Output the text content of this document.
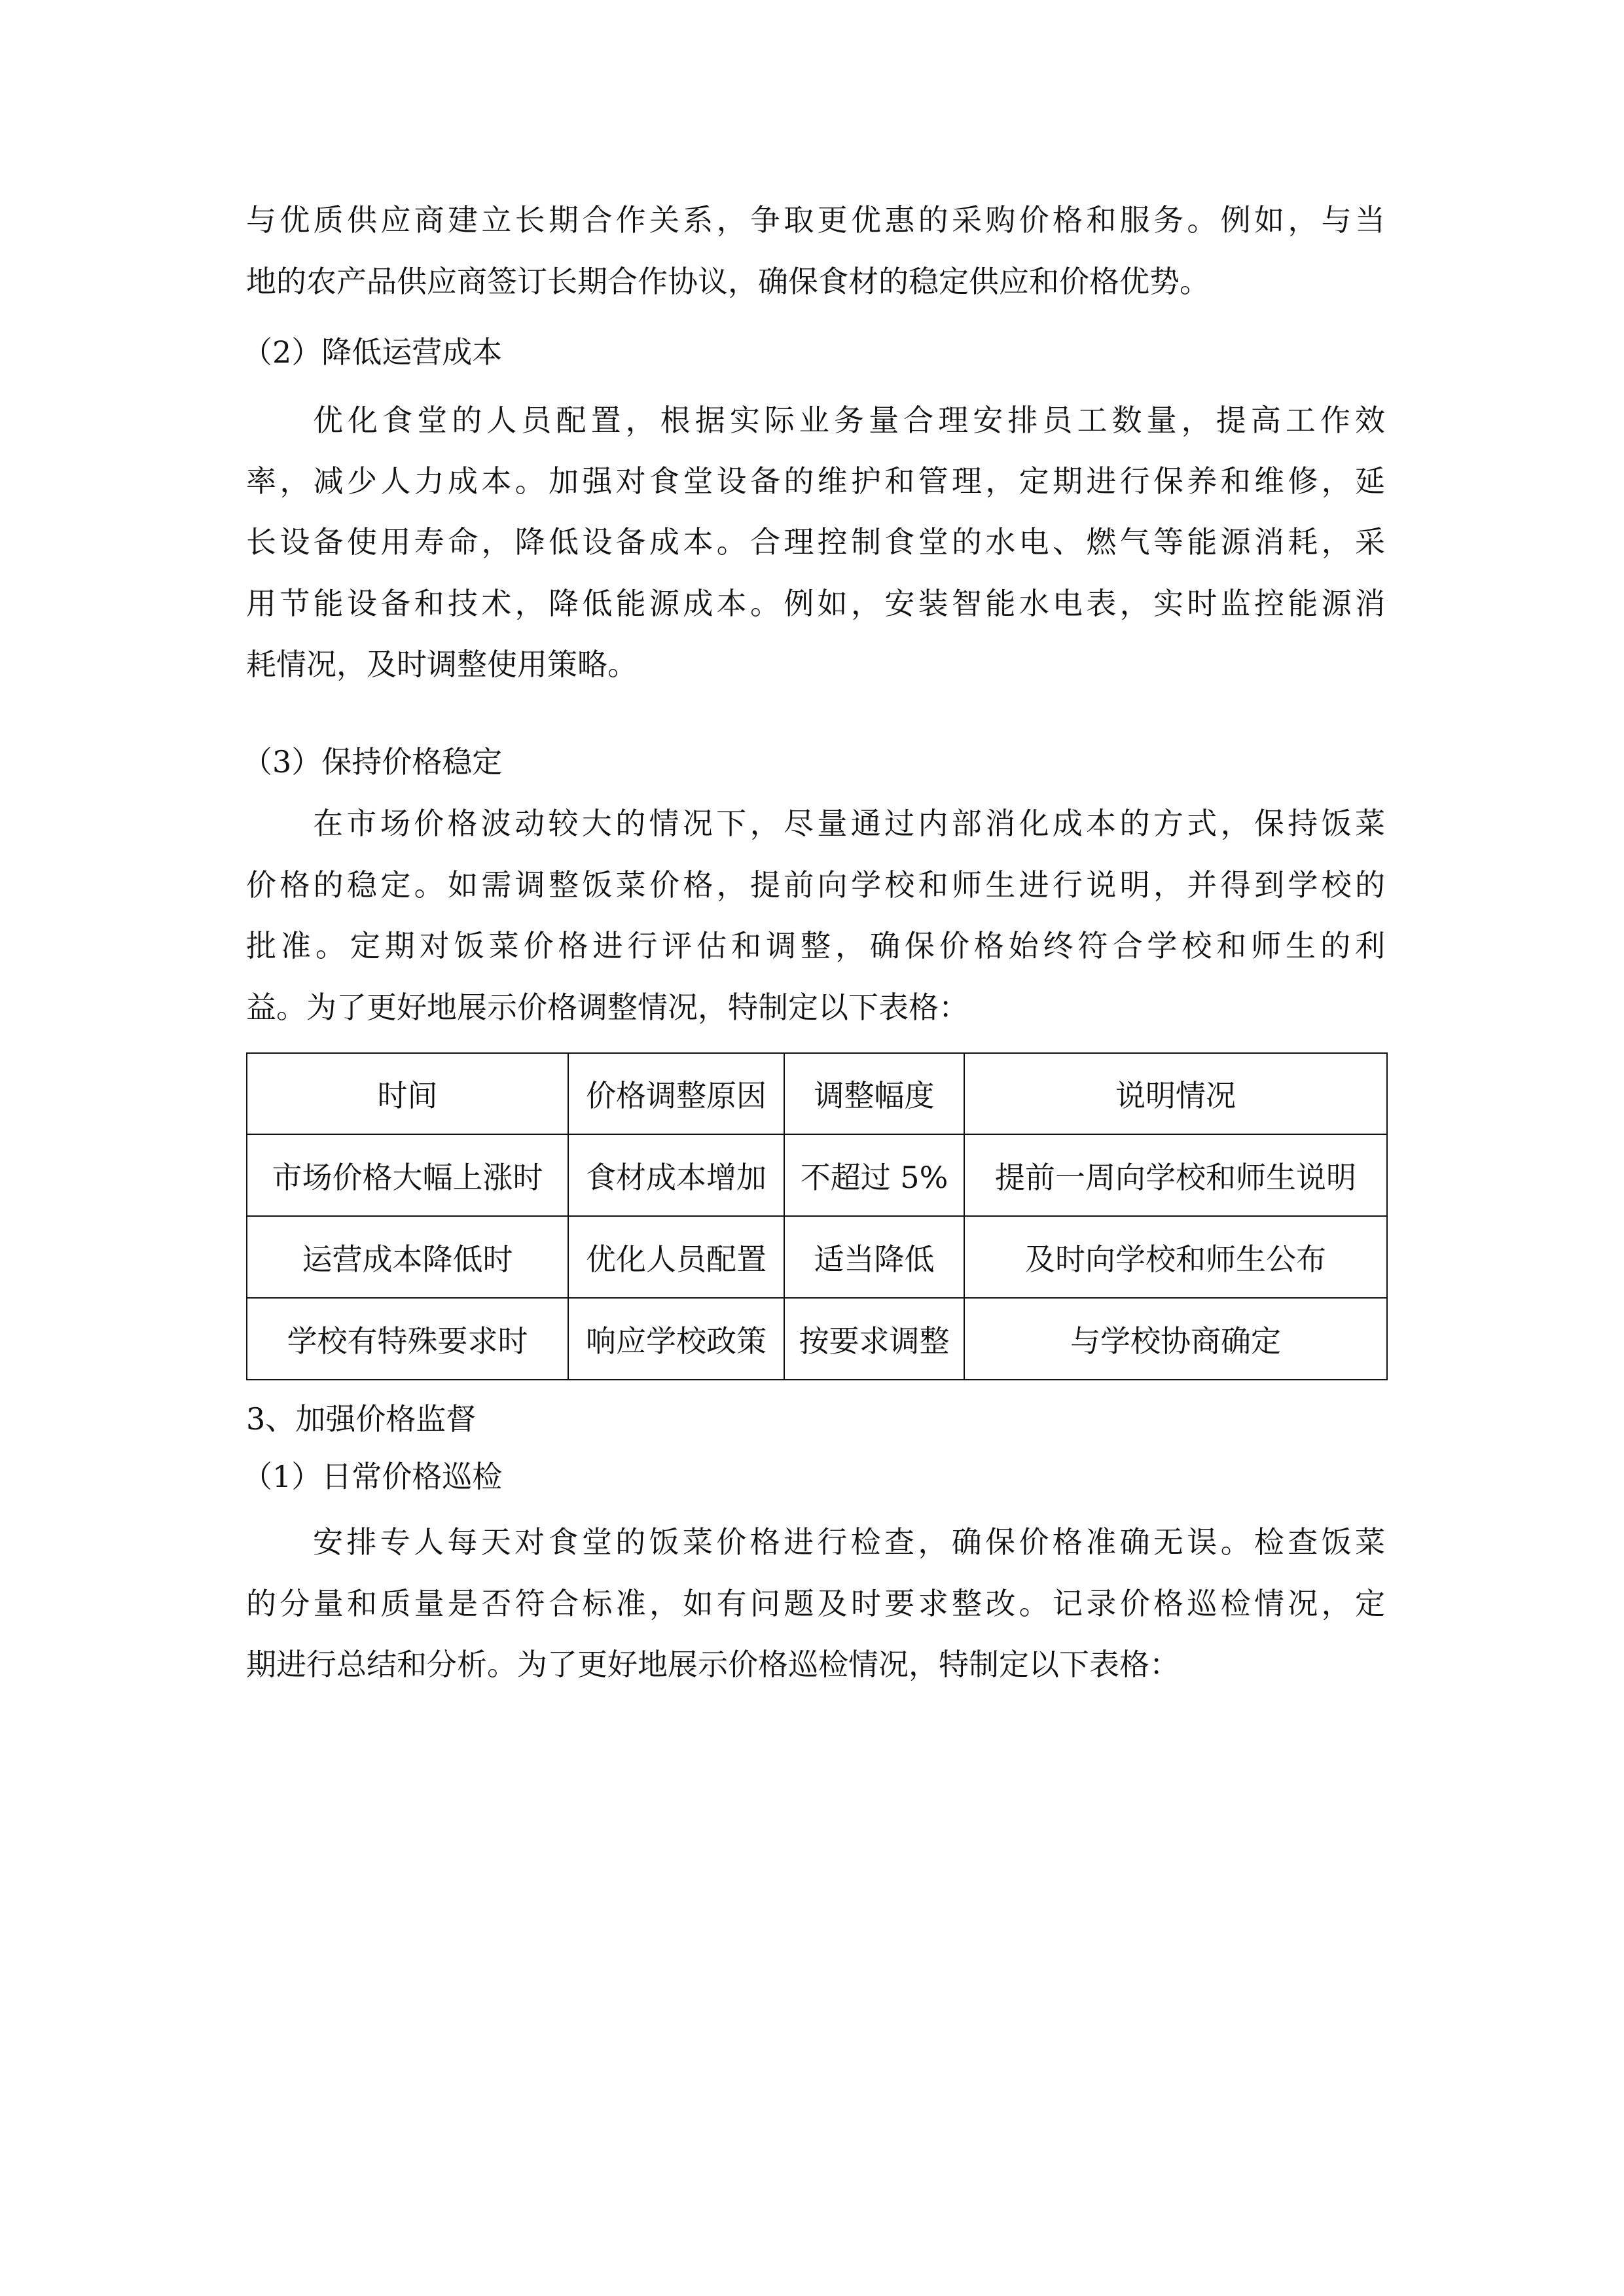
与优质供应商建立长期合作关系，争取更优惠的采购价格和服务。例如，与当
地的农产品供应商签订长期合作协议，确保食材的稳定供应和价格优势。
（2）降低运营成本
优化食堂的人员配置，根据实际业务量合理安排员工数量，提高工作效
率，减少人力成本。加强对食堂设备的维护和管理，定期进行保养和维修，延
长设备使用寿命，降低设备成本。合理控制食堂的水电、燃气等能源消耗，采
用节能设备和技术，降低能源成本。例如，安装智能水电表，实时监控能源消
耗情况，及时调整使用策略。
（3）保持价格稳定
在市场价格波动较大的情况下，尽量通过内部消化成本的方式，保持饭菜
价格的稳定。如需调整饭菜价格，提前向学校和师生进行说明，并得到学校的
批准。定期对饭菜价格进行评估和调整，确保价格始终符合学校和师生的利
益。为了更好地展示价格调整情况，特制定以下表格：
时间	价格调整原因	调整幅度	说明情况
市场价格大幅上涨时	食材成本增加	不超过 5%	提前一周向学校和师生说明
运营成本降低时	优化人员配置	适当降低	及时向学校和师生公布
学校有特殊要求时	响应学校政策	按要求调整	与学校协商确定
3、加强价格监督
（1）日常价格巡检
安排专人每天对食堂的饭菜价格进行检查，确保价格准确无误。检查饭菜
的分量和质量是否符合标准，如有问题及时要求整改。记录价格巡检情况，定
期进行总结和分析。为了更好地展示价格巡检情况，特制定以下表格：
